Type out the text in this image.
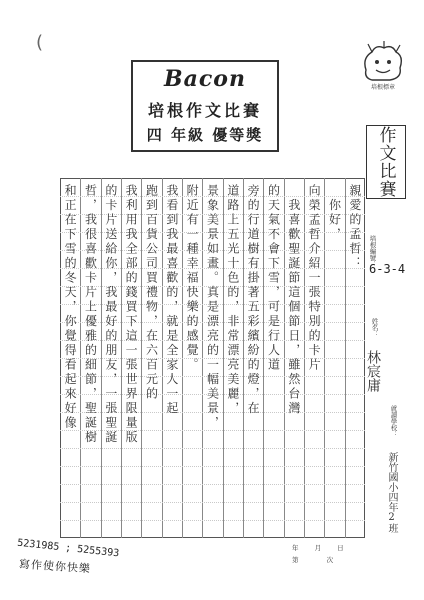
(
Bacon
培根作文比賽
四 年級 優等獎
培根標章
作文比賽
培根編號：
6-3-4
姓名：
林宸庸
就讀學校：
新竹國小四年2班
親愛的孟哲：
　你好，
向榮孟哲介紹一張特別的卡片
　我喜歡聖誕節這個節日，雖然台灣
的天氣不會下雪，可是行人道
旁的行道樹有掛著五彩繽紛的燈，在
道路上五光十色的，非常漂亮美麗，
景象美景如畫。真是漂亮的一幅美景，
附近有一種幸福快樂的感覺。
我看到我最喜歡的，就是全家人一起
跑到百貨公司買禮物，在六百元的
我利用我全部的錢買下這一張世界限量版
的卡片送給你，我最好的朋友，一張聖誕
哲，我很喜歡卡片上優雅的細節，聖誕樹
和正在下雪的冬天，你覺得看起來好像
5231985 ; 5255393
寫作使你快樂
年 月 日
第	次
